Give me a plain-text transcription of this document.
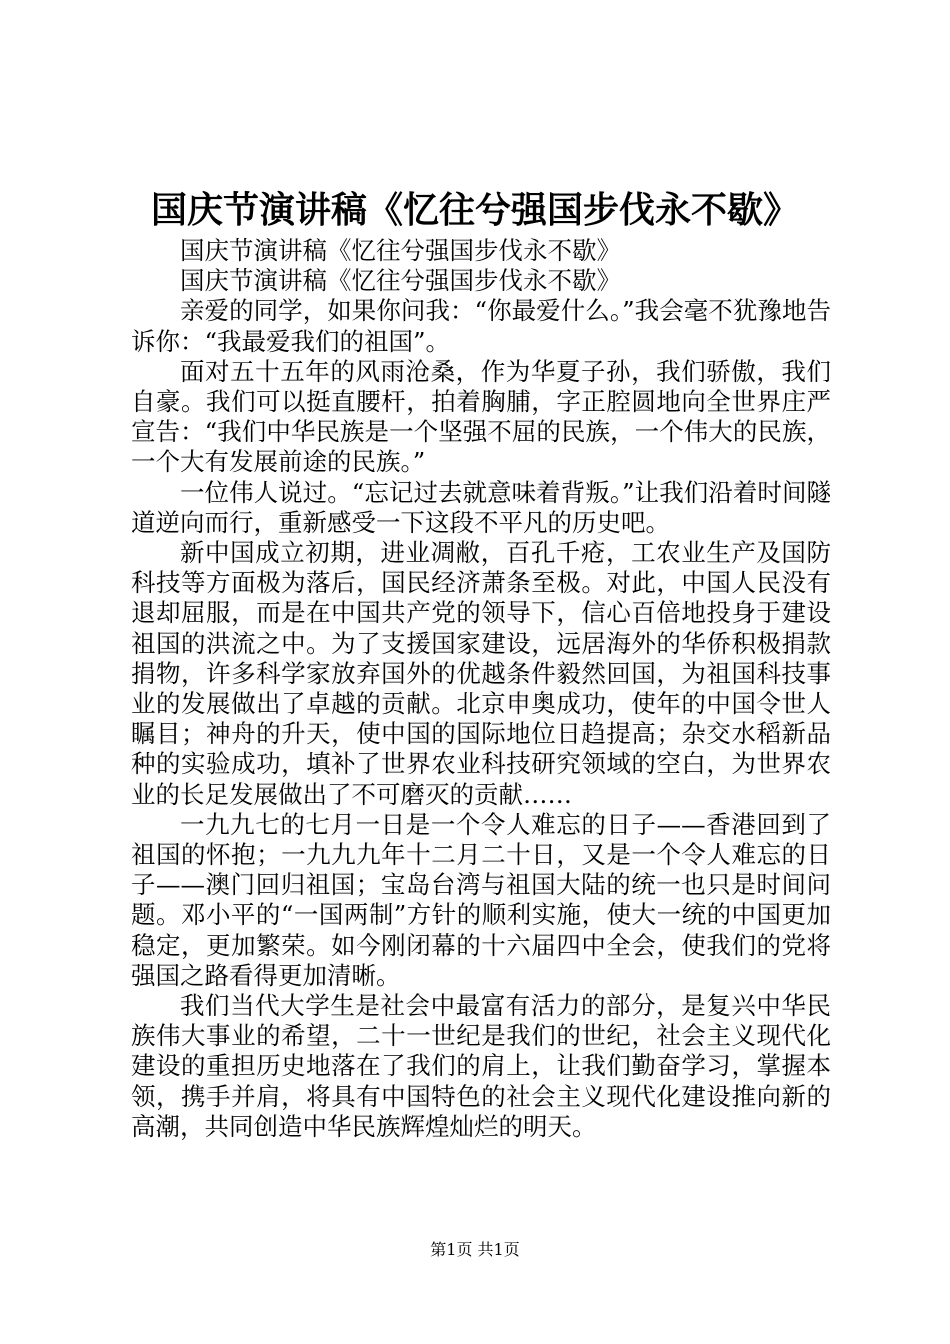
国庆节演讲稿《忆往兮强国步伐永不歇》

国庆节演讲稿《忆往兮强国步伐永不歇》

国庆节演讲稿《忆往兮强国步伐永不歇》

亲爱的同学，如果你问我：“你最爱什么。”我会毫不犹豫地告诉你：“我最爱我们的祖国”。

面对五十五年的风雨沧桑，作为华夏子孙，我们骄傲，我们自豪。我们可以挺直腰杆，拍着胸脯，字正腔圆地向全世界庄严宣告：“我们中华民族是一个坚强不屈的民族，一个伟大的民族，一个大有发展前途的民族。”

一位伟人说过。“忘记过去就意味着背叛。”让我们沿着时间隧道逆向而行，重新感受一下这段不平凡的历史吧。

新中国成立初期，进业凋敝，百孔千疮，工农业生产及国防科技等方面极为落后，国民经济萧条至极。对此，中国人民没有退却屈服，而是在中国共产党的领导下，信心百倍地投身于建设祖国的洪流之中。为了支援国家建设，远居海外的华侨积极捐款捐物，许多科学家放弃国外的优越条件毅然回国，为祖国科技事业的发展做出了卓越的贡献。北京申奥成功，使年的中国令世人瞩目；神舟的升天，使中国的国际地位日趋提高；杂交水稻新品种的实验成功，填补了世界农业科技研究领域的空白，为世界农业的长足发展做出了不可磨灭的贡献……

一九九七的七月一日是一个令人难忘的日子——香港回到了祖国的怀抱；一九九九年十二月二十日，又是一个令人难忘的日子——澳门回归祖国；宝岛台湾与祖国大陆的统一也只是时间问题。邓小平的“一国两制”方针的顺利实施，使大一统的中国更加稳定，更加繁荣。如今刚闭幕的十六届四中全会，使我们的党将强国之路看得更加清晰。

我们当代大学生是社会中最富有活力的部分，是复兴中华民族伟大事业的希望，二十一世纪是我们的世纪，社会主义现代化建设的重担历史地落在了我们的肩上，让我们勤奋学习，掌握本领，携手并肩，将具有中国特色的社会主义现代化建设推向新的高潮，共同创造中华民族辉煌灿烂的明天。

第1页 共1页
